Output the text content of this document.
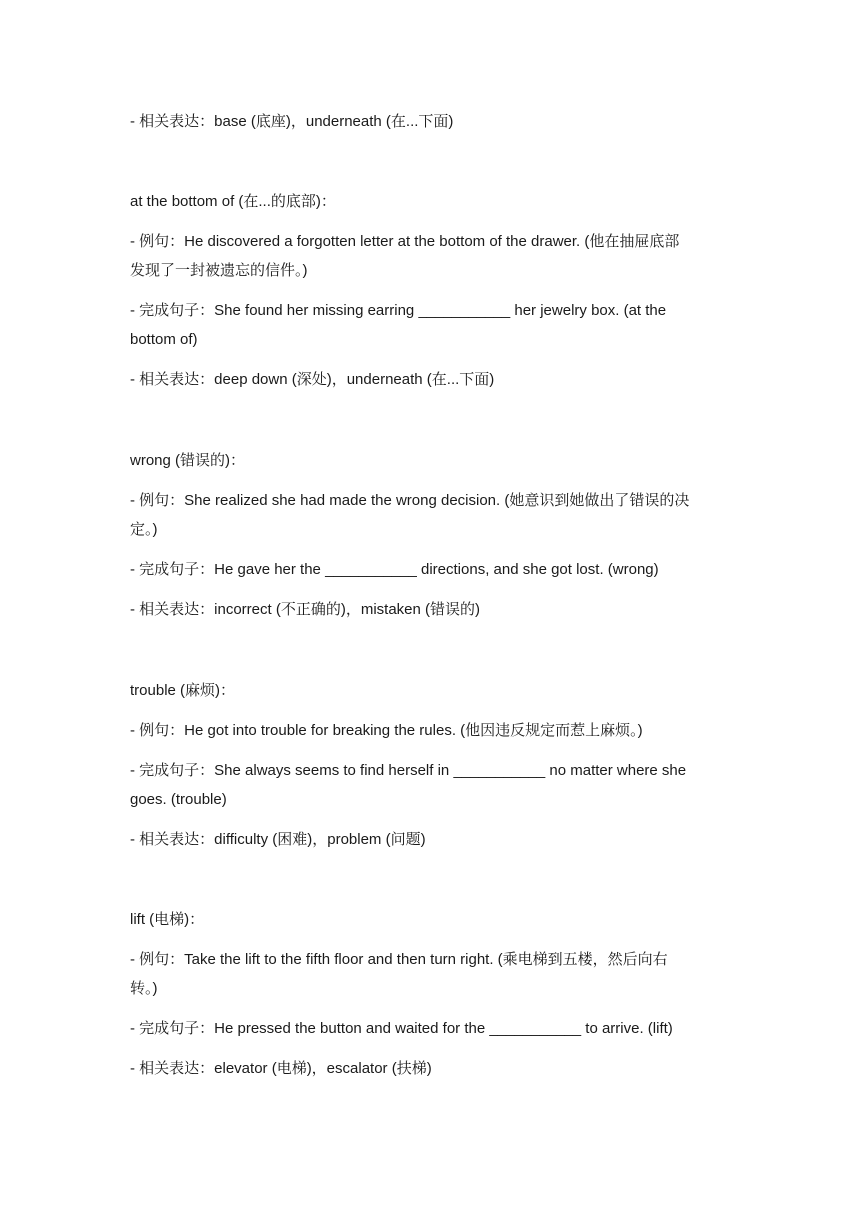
- 相关表达：base (底座)，underneath (在...下面)
at the bottom of (在...的底部)：
- 例句：He discovered a forgotten letter at the bottom of the drawer. (他在抽屉底部
发现了一封被遗忘的信件。)
- 完成句子：She found her missing earring ___________ her jewelry box. (at the
bottom of)
- 相关表达：deep down (深处)，underneath (在...下面)
wrong (错误的)：
- 例句：She realized she had made the wrong decision. (她意识到她做出了错误的决
定。)
- 完成句子：He gave her the ___________ directions, and she got lost. (wrong)
- 相关表达：incorrect (不正确的)，mistaken (错误的)
trouble (麻烦)：
- 例句：He got into trouble for breaking the rules. (他因违反规定而惹上麻烦。)
- 完成句子：She always seems to find herself in ___________ no matter where she
goes. (trouble)
- 相关表达：difficulty (困难)，problem (问题)
lift (电梯)：
- 例句：Take the lift to the fifth floor and then turn right. (乘电梯到五楼，然后向右
转。)
- 完成句子：He pressed the button and waited for the ___________ to arrive. (lift)
- 相关表达：elevator (电梯)，escalator (扶梯)
